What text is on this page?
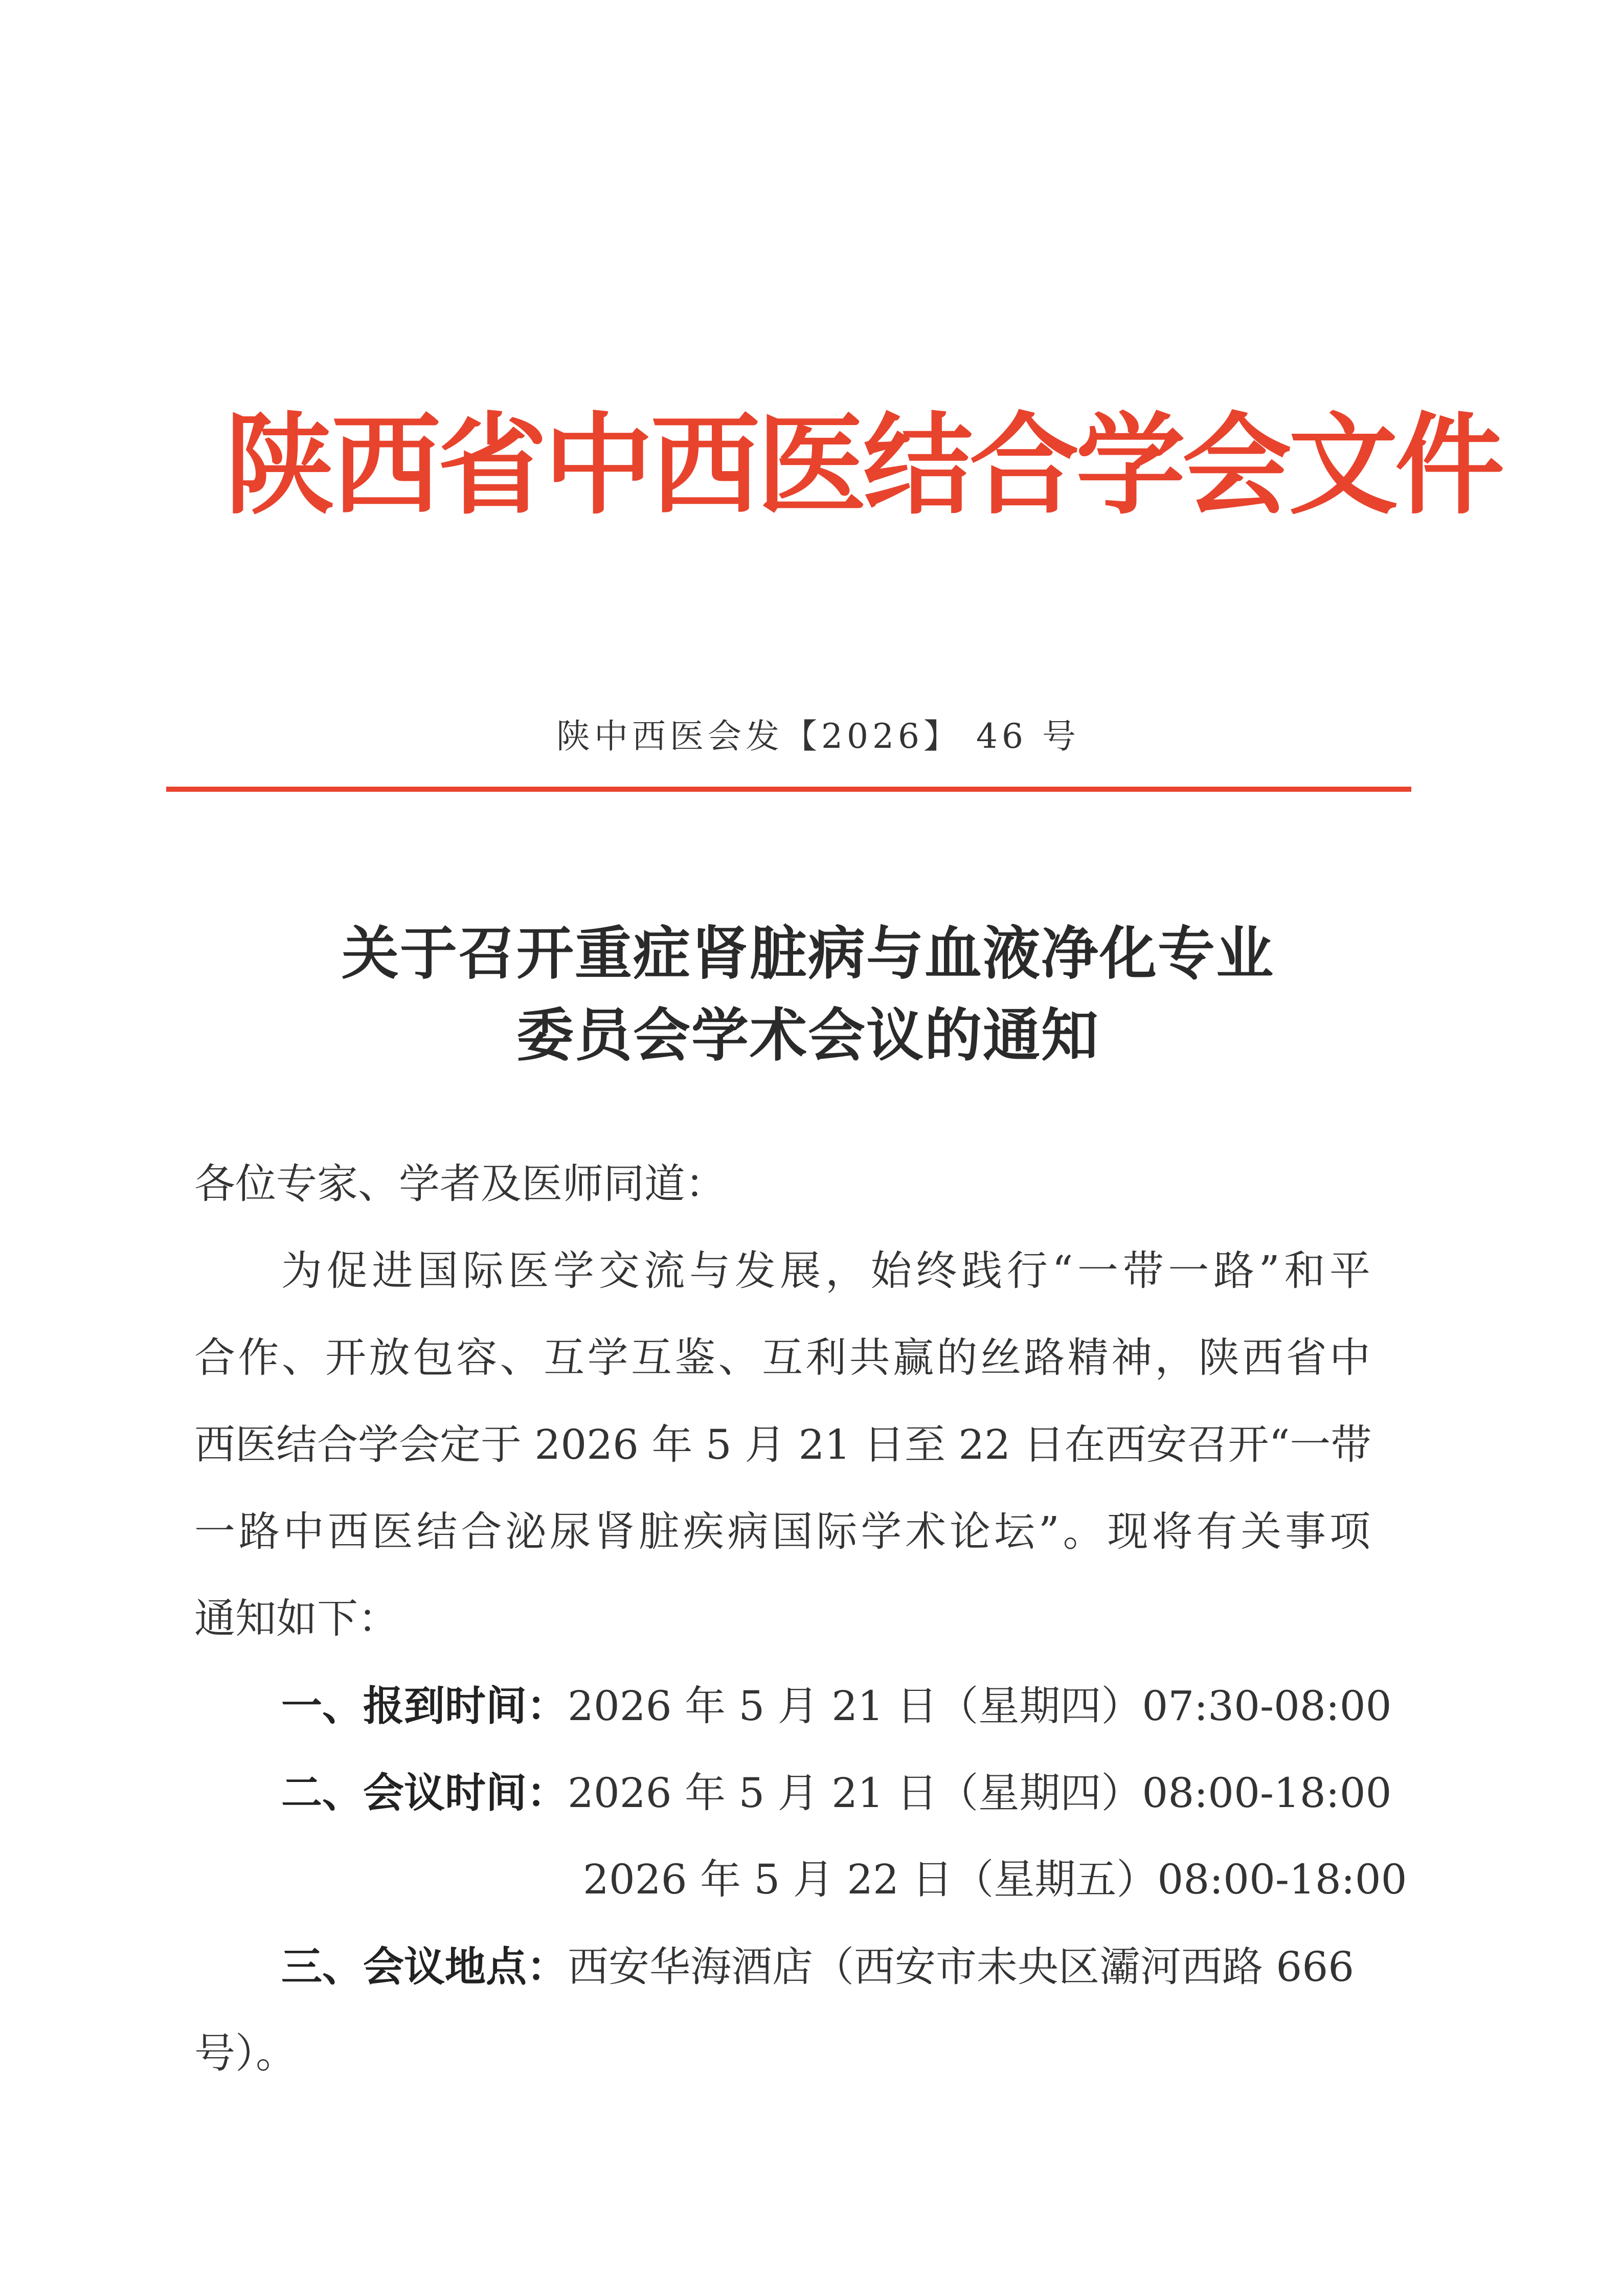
陕西省中西医结合学会文件
陕中西医会发【2026】 46 号
关于召开重症肾脏病与血液净化专业
委员会学术会议的通知
各位专家、学者及医师同道：
为促进国际医学交流与发展，始终践行“一带一路”和平
合作、开放包容、互学互鉴、互利共赢的丝路精神，陕西省中
西医结合学会定于 2026 年 5 月 21 日至 22 日在西安召开“一带
一路中西医结合泌尿肾脏疾病国际学术论坛”。现将有关事项
通知如下：
一、报到时间：2026 年 5 月 21 日（星期四）07:30-08:00
二、会议时间：2026 年 5 月 21 日（星期四）08:00-18:00
2026 年 5 月 22 日（星期五）08:00-18:00
三、会议地点：西安华海酒店（西安市未央区灞河西路 666
号）。
